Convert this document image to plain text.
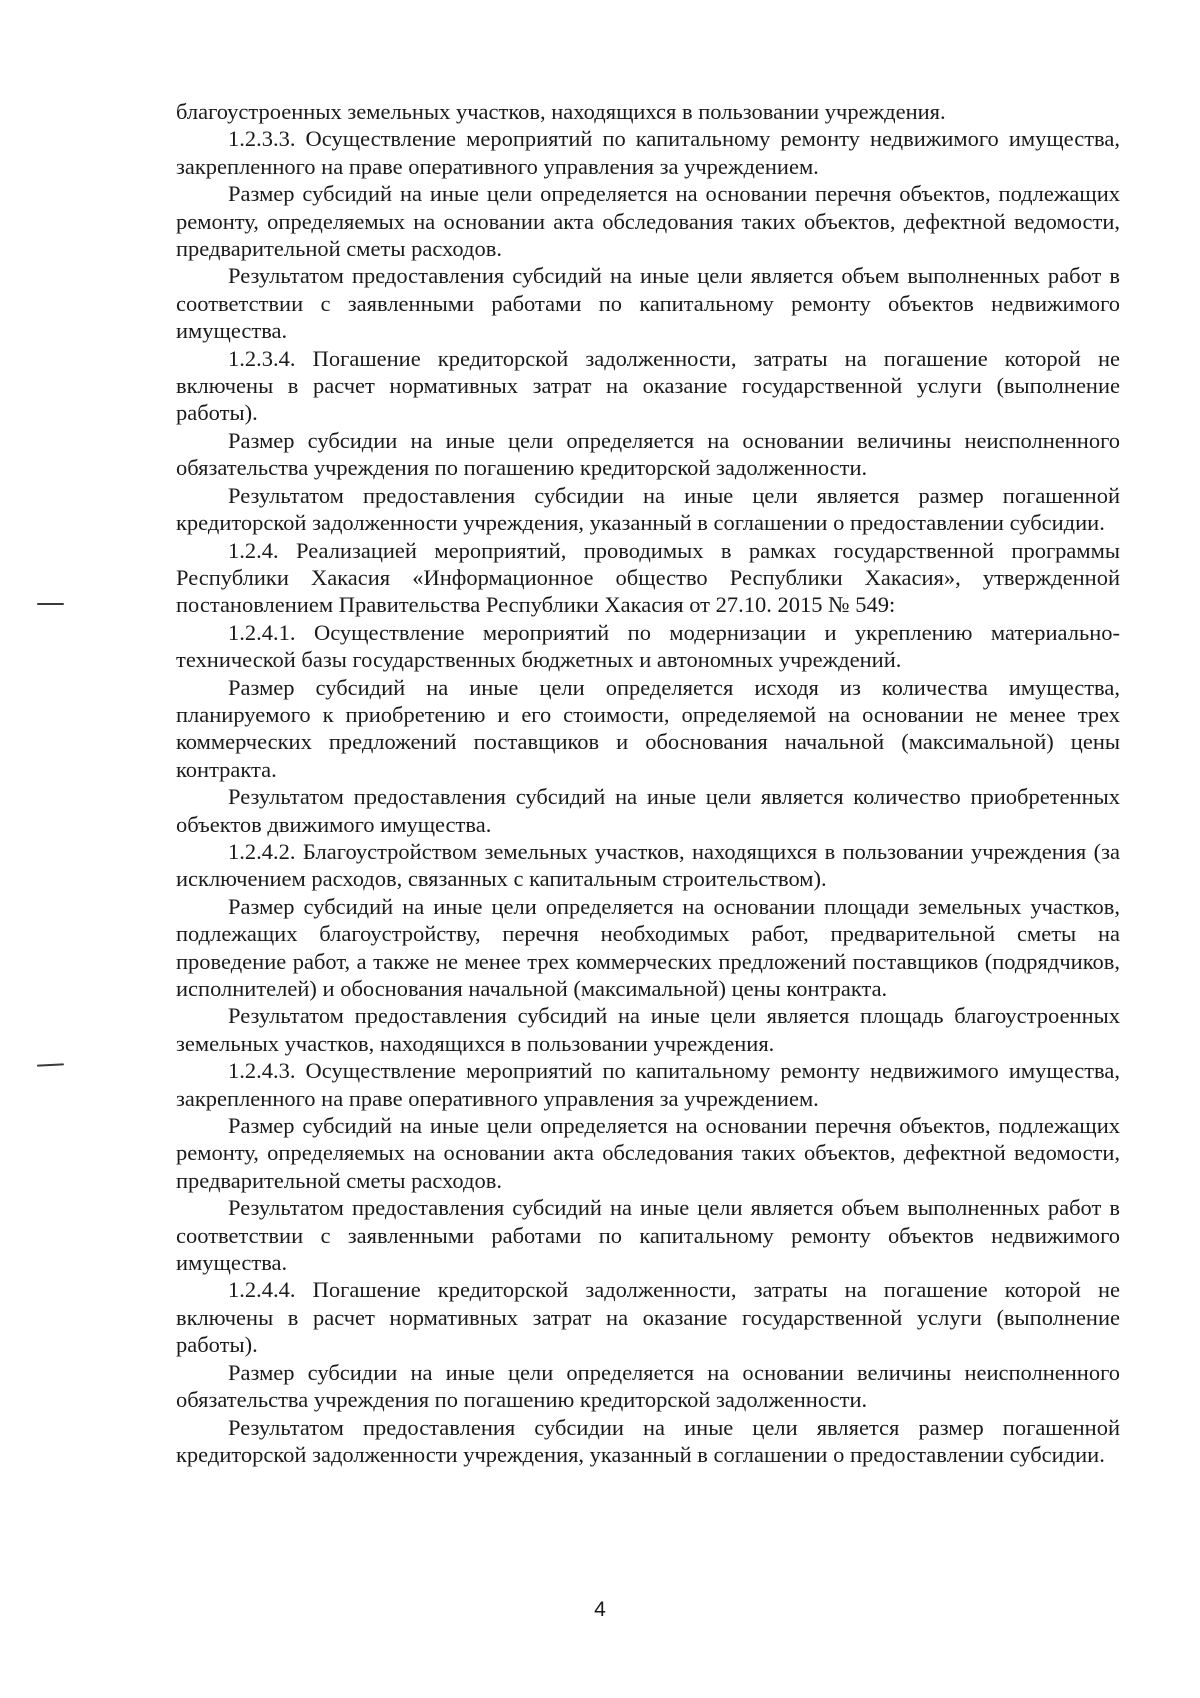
благоустроенных земельных участков, находящихся в пользовании учреждения.

1.2.3.3. Осуществление мероприятий по капитальному ремонту недвижимого имущества, закрепленного на праве оперативного управления за учреждением.

Размер субсидий на иные цели определяется на основании перечня объектов, подлежащих ремонту, определяемых на основании акта обследования таких объектов, дефектной ведомости, предварительной сметы расходов.

Результатом предоставления субсидий на иные цели является объем выполненных работ в соответствии с заявленными работами по капитальному ремонту объектов недвижимого имущества.

1.2.3.4. Погашение кредиторской задолженности, затраты на погашение которой не включены в расчет нормативных затрат на оказание государственной услуги (выполнение работы).

Размер субсидии на иные цели определяется на основании величины неисполненного обязательства учреждения по погашению кредиторской задолженности.

Результатом предоставления субсидии на иные цели является размер погашенной кредиторской задолженности учреждения, указанный в соглашении о предоставлении субсидии.

1.2.4. Реализацией мероприятий, проводимых в рамках государственной программы Республики Хакасия «Информационное общество Республики Хакасия», утвержденной постановлением Правительства Республики Хакасия от 27.10. 2015 № 549:

1.2.4.1. Осуществление мероприятий по модернизации и укреплению материально-технической базы государственных бюджетных и автономных учреждений.

Размер субсидий на иные цели определяется исходя из количества имущества, планируемого к приобретению и его стоимости, определяемой на основании не менее трех коммерческих предложений поставщиков и обоснования начальной (максимальной) цены контракта.

Результатом предоставления субсидий на иные цели является количество приобретенных объектов движимого имущества.

1.2.4.2. Благоустройством земельных участков, находящихся в пользовании учреждения (за исключением расходов, связанных с капитальным строительством).

Размер субсидий на иные цели определяется на основании площади земельных участков, подлежащих благоустройству, перечня необходимых работ, предварительной сметы на проведение работ, а также не менее трех коммерческих предложений поставщиков (подрядчиков, исполнителей) и обоснования начальной (максимальной) цены контракта.

Результатом предоставления субсидий на иные цели является площадь благоустроенных земельных участков, находящихся в пользовании учреждения.

1.2.4.3. Осуществление мероприятий по капитальному ремонту недвижимого имущества, закрепленного на праве оперативного управления за учреждением.

Размер субсидий на иные цели определяется на основании перечня объектов, подлежащих ремонту, определяемых на основании акта обследования таких объектов, дефектной ведомости, предварительной сметы расходов.

Результатом предоставления субсидий на иные цели является объем выполненных работ в соответствии с заявленными работами по капитальному ремонту объектов недвижимого имущества.

1.2.4.4. Погашение кредиторской задолженности, затраты на погашение которой не включены в расчет нормативных затрат на оказание государственной услуги (выполнение работы).

Размер субсидии на иные цели определяется на основании величины неисполненного обязательства учреждения по погашению кредиторской задолженности.

Результатом предоставления субсидии на иные цели является размер погашенной кредиторской задолженности учреждения, указанный в соглашении о предоставлении субсидии.

4
